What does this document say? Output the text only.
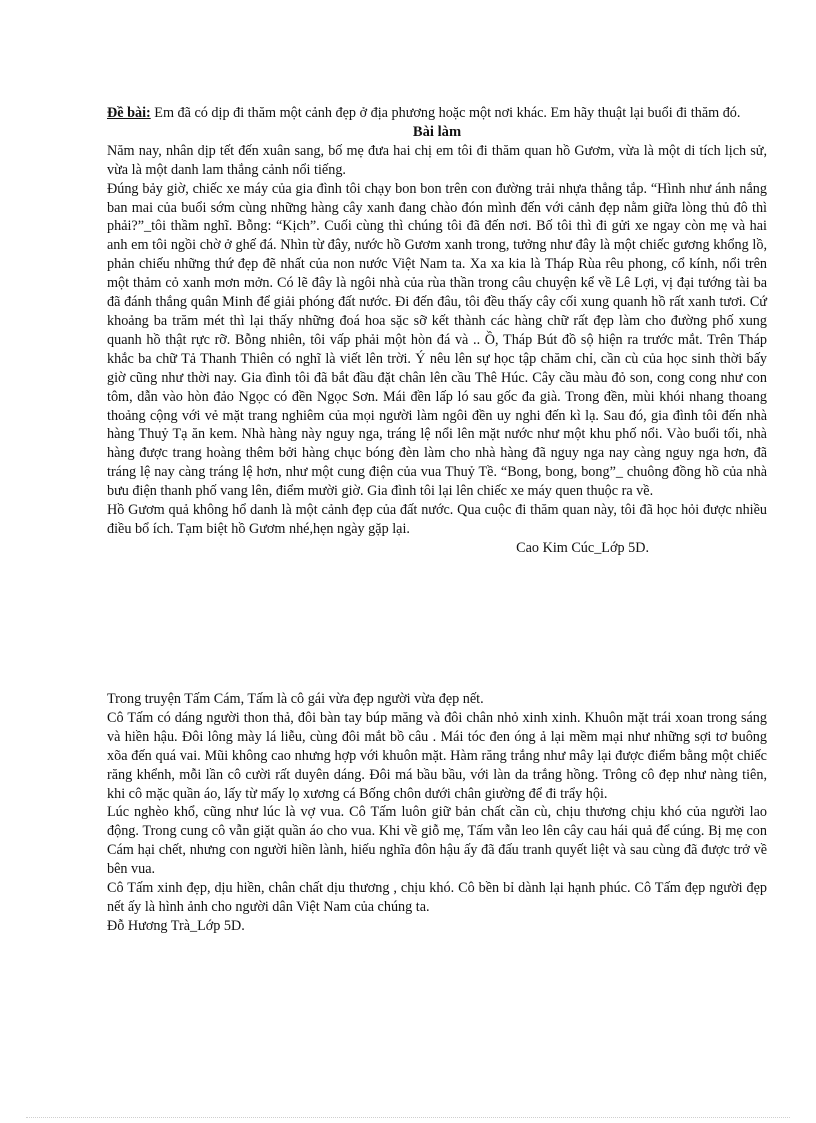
Đề bài: Em đã có dịp đi thăm một cảnh đẹp ở địa phương hoặc một nơi khác. Em hãy thuật lại buổi đi thăm đó.

Bài làm

Năm nay, nhân dịp tết đến xuân sang, bố mẹ đưa hai chị em tôi đi thăm quan hồ Gươm, vừa là một di tích lịch sử, vừa là một danh lam thắng cảnh nổi tiếng.

Đúng bảy giờ, chiếc xe máy của gia đình tôi chạy bon bon trên con đường trải nhựa thẳng tắp. “Hình như ánh nắng ban mai của buổi sớm cùng những hàng cây xanh đang chào đón mình đến với cảnh đẹp nằm giữa lòng thủ đô thì phải?”_tôi thầm nghĩ. Bỗng: “Kịch”. Cuối cùng thì chúng tôi đã đến nơi. Bố tôi thì đi gửi xe ngay còn mẹ và hai anh em tôi ngồi chờ ở ghế đá. Nhìn từ đây, nước hồ Gươm xanh trong, tưởng như đây là một chiếc gương khổng lồ, phản chiếu những thứ đẹp đẽ nhất của non nước Việt Nam ta. Xa xa kia là Tháp Rùa rêu phong, cổ kính, nổi trên một thảm cỏ xanh mơn mởn. Có lẽ đây là ngôi nhà của rùa thần trong câu chuyện kể về Lê Lợi, vị đại tướng tài ba đã đánh thắng quân Minh để giải phóng đất nước. Đi đến đâu, tôi đều thấy cây cối xung quanh hồ rất xanh tươi. Cứ khoảng ba trăm mét thì lại thấy những đoá hoa sặc sỡ kết thành các hàng chữ rất đẹp làm cho đường phố xung quanh hồ thật rực rỡ. Bỗng nhiên, tôi vấp phải một hòn đá và .. Ồ, Tháp Bút đồ sộ hiện ra trước mắt. Trên Tháp khắc ba chữ Tả Thanh Thiên có nghĩ là viết lên trời. Ý nêu lên sự học tập chăm chỉ, cần cù của học sinh thời bấy giờ cũng như thời nay. Gia đình tôi đã bắt đầu đặt chân lên cầu Thê Húc. Cây cầu màu đỏ son, cong cong như con tôm, dẫn vào hòn đảo Ngọc có đền Ngọc Sơn. Mái đền lấp ló sau gốc đa già. Trong đền, mùi khói nhang thoang thoảng cộng với vẻ mặt trang nghiêm của mọi người làm ngôi đền uy nghi đến kì lạ. Sau đó, gia đình tôi đến nhà hàng Thuỷ Tạ ăn kem. Nhà hàng này nguy nga, tráng lệ nổi lên mặt nước như một khu phố nổi. Vào buổi tối, nhà hàng được trang hoàng thêm bởi hàng chục bóng đèn làm cho nhà hàng đã nguy nga nay càng nguy nga hơn, đã tráng lệ nay càng tráng lệ hơn, như một cung điện của vua Thuỷ Tề. “Bong, bong, bong”_ chuông đồng hồ của nhà bưu điện thanh phố vang lên, điểm mười giờ. Gia đình tôi lại lên chiếc xe máy quen thuộc ra về.

Hồ Gươm quả không hổ danh là một cảnh đẹp của đất nước. Qua cuộc đi thăm quan này, tôi đã học hỏi được nhiều điều bổ ích. Tạm biệt hồ Gươm nhé,hẹn ngày gặp lại.

Cao Kim Cúc_Lớp 5D.

Trong truyện Tấm Cám, Tấm là cô gái vừa đẹp người vừa đẹp nết.

Cô Tấm có dáng người thon thả, đôi bàn tay búp măng và đôi chân nhỏ xinh xinh. Khuôn mặt trái xoan trong sáng và hiền hậu. Đôi lông mày lá liễu, cùng đôi mắt bồ câu . Mái tóc đen óng ả lại mềm mại như những sợi tơ buông xõa đến quá vai. Mũi không cao nhưng hợp với khuôn mặt. Hàm răng trắng như mây lại được điểm bằng một chiếc răng khểnh, mỗi lần cô cười rất duyên dáng. Đôi má bầu bầu, với làn da trắng hồng. Trông cô đẹp như nàng tiên, khi cô mặc quần áo, lấy từ mấy lọ xương cá Bống chôn dưới chân giường để đi trẩy hội.

Lúc nghèo khổ, cũng như lúc là vợ vua. Cô Tấm luôn giữ bản chất cần cù, chịu thương chịu khó của người lao động. Trong cung cô vẫn giặt quần áo cho vua. Khi về giỗ mẹ, Tấm vẫn leo lên cây cau hái quả để cúng. Bị mẹ con Cám hại chết, nhưng con người hiền lành, hiếu nghĩa đôn hậu ấy đã đấu tranh quyết liệt và sau cùng đã được trở về bên vua.

Cô Tấm xinh đẹp, dịu hiền, chân chất dịu thương , chịu khó. Cô bền bỉ dành lại hạnh phúc. Cô Tấm đẹp người đẹp nết ấy là hình ảnh cho người dân Việt Nam của chúng ta.

Đỗ Hương Trà_Lớp 5D.
